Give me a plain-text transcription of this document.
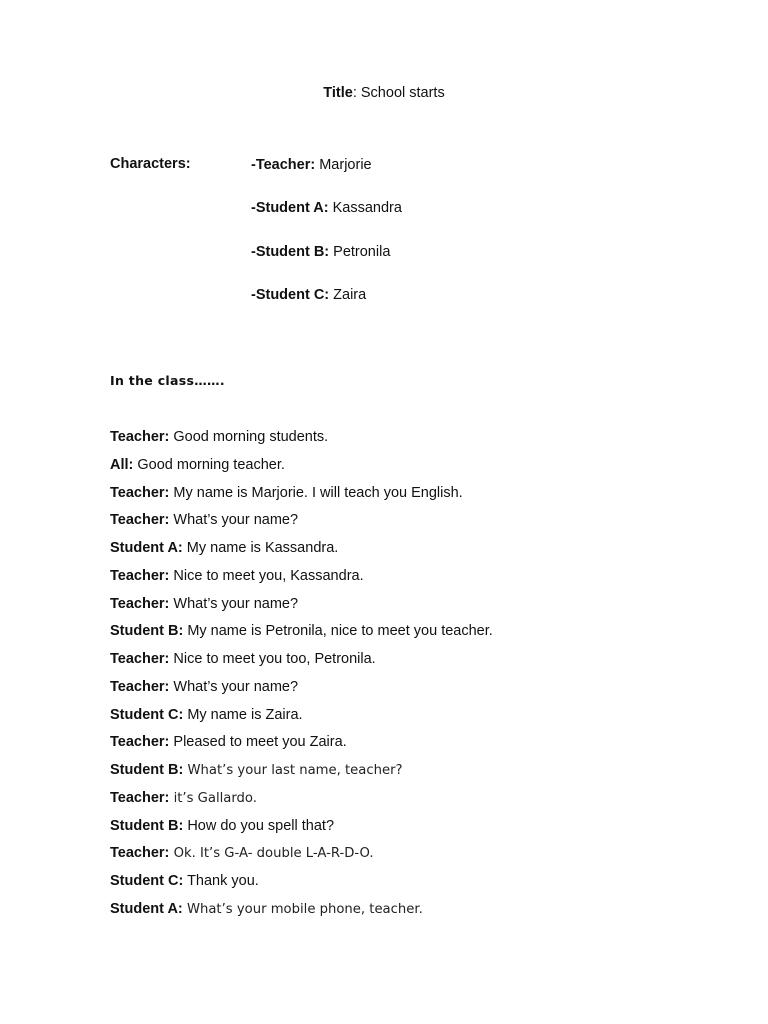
Title: School starts
Characters:	-Teacher: Marjorie
-Student A: Kassandra
-Student B: Petronila
-Student C: Zaira
In the class…….
Teacher: Good morning students.
All: Good morning teacher.
Teacher: My name is Marjorie. I will teach you English.
Teacher: What’s your name?
Student A: My name is Kassandra.
Teacher: Nice to meet you, Kassandra.
Teacher: What’s your name?
Student B: My name is Petronila, nice to meet you teacher.
Teacher: Nice to meet you too, Petronila.
Teacher: What’s your name?
Student C: My name is Zaira.
Teacher: Pleased to meet you Zaira.
Student B: What’s your last name, teacher?
Teacher: it’s Gallardo.
Student B: How do you spell that?
Teacher: Ok. It’s G-A- double L-A-R-D-O.
Student C: Thank you.
Student A: What’s your mobile phone, teacher.
